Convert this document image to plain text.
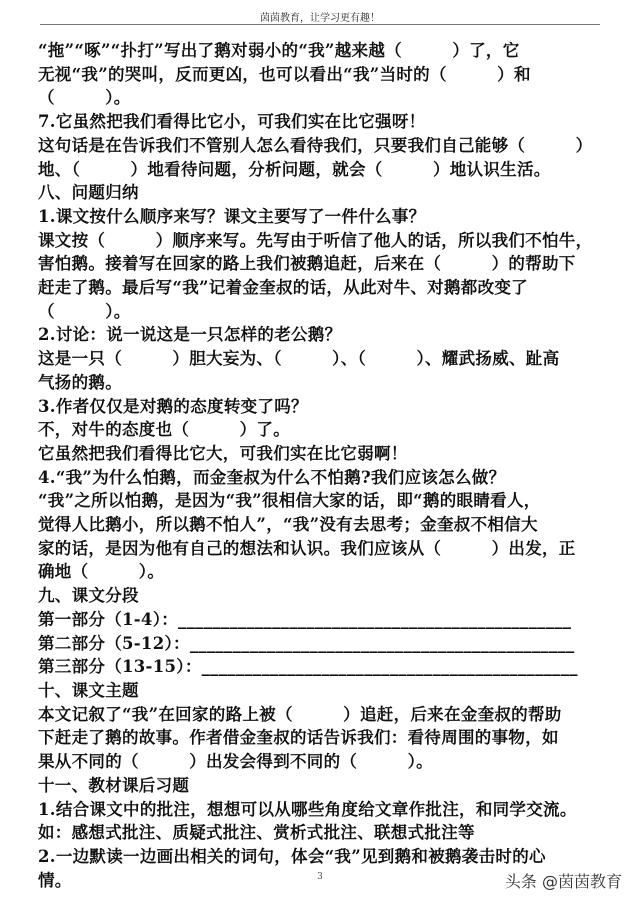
茵茵教育，让学习更有趣！
“拖”“啄”“扑打”写出了鹅对弱小的“我”越来越（　　　）了，它
无视“我”的哭叫，反而更凶，也可以看出“我”当时的（　　　）和
（　　　）。
7.它虽然把我们看得比它小，可我们实在比它强呀！
这句话是在告诉我们不管别人怎么看待我们，只要我们自己能够（　　　）
地、（　　　）地看待问题，分析问题，就会（　　　）地认识生活。
八、问题归纳
1.课文按什么顺序来写？课文主要写了一件什么事？
课文按（　　　）顺序来写。先写由于听信了他人的话，所以我们不怕牛，
害怕鹅。接着写在回家的路上我们被鹅追赶，后来在（　　　）的帮助下
赶走了鹅。最后写“我”记着金奎叔的话，从此对牛、对鹅都改变了
（　　　）。
2.讨论：说一说这是一只怎样的老公鹅？
这是一只（　　　）胆大妄为、（　　　）、（　　　）、耀武扬威、趾高
气扬的鹅。
3.作者仅仅是对鹅的态度转变了吗？
不，对牛的态度也（　　　）了。
它虽然把我们看得比它大，可我们实在比它弱啊！
4.“我”为什么怕鹅，而金奎叔为什么不怕鹅?我们应该怎么做？
“我”之所以怕鹅，是因为“我”很相信大家的话，即“鹅的眼睛看人，
觉得人比鹅小，所以鹅不怕人”，“我”没有去思考；金奎叔不相信大
家的话，是因为他有自己的想法和认识。我们应该从（　　　）出发，正
确地（　　　）。
九、课文分段
第一部分（1-4）：______________________________________________
第二部分（5-12）：_____________________________________________
第三部分（13-15）：____________________________________________
十、课文主题
本文记叙了“我”在回家的路上被（　　　）追赶，后来在金奎叔的帮助
下赶走了鹅的故事。作者借金奎叔的话告诉我们：看待周围的事物，如
果从不同的（　　　）出发会得到不同的（　　　）。
十一、教材课后习题
1.结合课文中的批注，想想可以从哪些角度给文章作批注，和同学交流。
如：感想式批注、质疑式批注、赏析式批注、联想式批注等
2.一边默读一边画出相关的词句，体会“我”见到鹅和被鹅袭击时的心
情。	3	头条 @茵茵教育
